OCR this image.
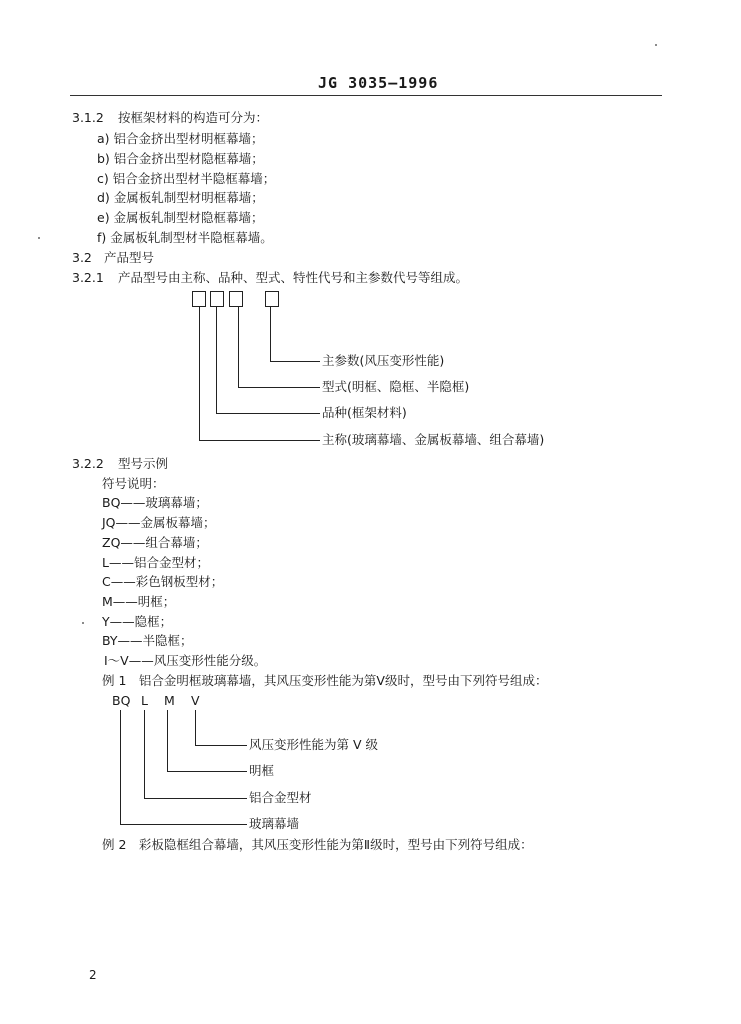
JG 3035—1996
3.1.2 按框架材料的构造可分为：
a) 铝合金挤出型材明框幕墙；
b) 铝合金挤出型材隐框幕墙；
c) 铝合金挤出型材半隐框幕墙；
d) 金属板轧制型材明框幕墙；
e) 金属板轧制型材隐框幕墙；
f) 金属板轧制型材半隐框幕墙。
3.2 产品型号
3.2.1 产品型号由主称、品种、型式、特性代号和主参数代号等组成。
主参数(风压变形性能)
型式(明框、隐框、半隐框)
品种(框架材料)
主称(玻璃幕墙、金属板幕墙、组合幕墙)
3.2.2 型号示例
符号说明：
BQ——玻璃幕墙；
JQ——金属板幕墙；
ZQ——组合幕墙；
L——铝合金型材；
C——彩色钢板型材；
M——明框；
Y——隐框；
BY——半隐框；
Ⅰ～Ⅴ——风压变形性能分级。
例 1　铝合金明框玻璃幕墙，其风压变形性能为第Ⅴ级时，型号由下列符号组成：
BQ L M V
风压变形性能为第 Ⅴ 级
明框
铝合金型材
玻璃幕墙
例 2　彩板隐框组合幕墙，其风压变形性能为第Ⅱ级时，型号由下列符号组成：
2
